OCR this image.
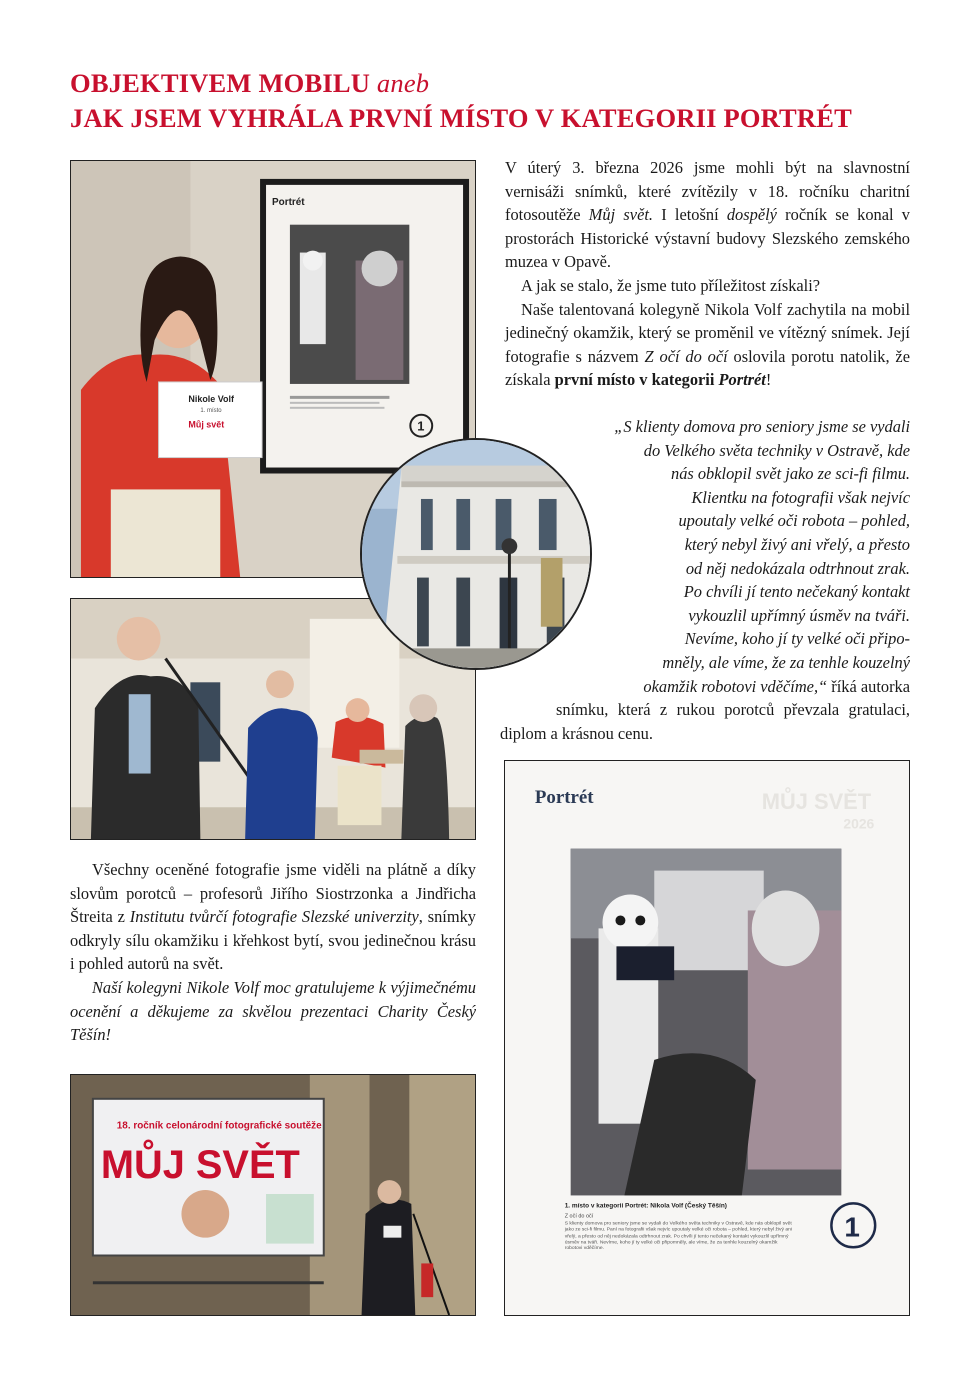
OBJEKTIVEM MOBILU aneb
JAK JSEM VYHRÁLA PRVNÍ MÍSTO V KATEGORII PORTRÉT
Portrét
1
Nikole Volf
1. místo
Můj svět
18. ročník celonárodní fotografické soutěže
MŮJ SVĚT
Portrét	MŮJ SVĚT
2026
1. místo v kategorii Portrét: Nikola Volf (Český Těšín)
Z očí do očí
S klienty domova pro seniory jsme se vydali do Velkého světa techniky v Ostravě, kde nás obklopil svět jako ze sci-fi filmu. Paní na fotografii však nejvíc upoutaly velké oči robota – pohled, který nebyl živý ani vřelý, a přesto od něj nedokázala odtrhnout zrak. Po chvíli jí tento nečekaný kontakt vykouzlil upřímný úsměv na tváři. Nevíme, koho jí ty velké oči připomněly, ale víme, že za tenhle kouzelný okamžik robotovi vděčíme.
1

V úterý 3. března 2026 jsme mohli být na slavnostní vernisáži snímků, které zvítězily v 18. ročníku charitní fotosoutěže Můj svět. I letošní dospělý ročník se konal v prostorách Historické výstavní budovy Slezského zemského muzea v Opavě.

A jak se stalo, že jsme tuto příležitost získali?

Naše talentovaná kolegyně Nikola Volf zachytila na mobil jedinečný okamžik, který se proměnil ve vítězný snímek. Její fotografie s názvem Z očí do očí oslovila porotu natolik, že získala první místo v kategorii Portrét!

„S klienty domova pro seniory jsme se vydali

do Velkého světa techniky v Ostravě, kde

nás obklopil svět jako ze sci-fi filmu.

Klientku na fotografii však nejvíc

upoutaly velké oči robota – pohled,

který nebyl živý ani vřelý, a přesto

od něj nedokázala odtrhnout zrak.

Po chvíli jí tento nečekaný kontakt

vykouzlil upřímný úsměv na tváři.

Nevíme, koho jí ty velké oči připo-

mněly, ale víme, že za tenhle kouzelný

okamžik robotovi vděčíme,“ říká autorka

snímku, která z rukou porotců převzala gratulaci, diplom a krásnou cenu.

Všechny oceněné fotografie jsme viděli na plátně a díky slovům porotců – profesorů Jiřího Siostrzonka a Jindřicha Štreita z Institutu tvůrčí fotografie Slezské univerzity, snímky odkryly sílu okamžiku i křehkost bytí, svou jedinečnou krásu i pohled autorů na svět.

Naší kolegyni Nikole Volf moc gratulujeme k výjimečnému ocenění a děkujeme za skvělou prezentaci Charity Český Těšín!
